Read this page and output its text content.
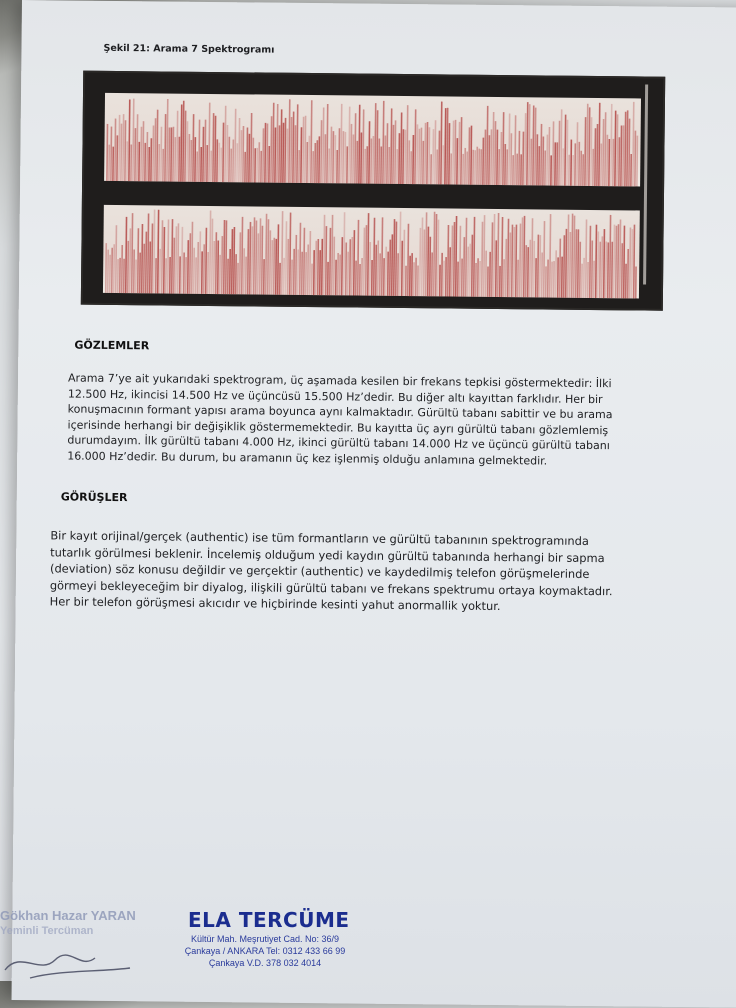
Şekil 21: Arama 7 Spektrogramı
GÖZLEMLER
Arama 7’ye ait yukarıdaki spektrogram, üç aşamada kesilen bir frekans tepkisi göstermektedir: İlki
12.500 Hz, ikincisi 14.500 Hz ve üçüncüsü 15.500 Hz’dedir. Bu diğer altı kayıttan farklıdır. Her bir
konuşmacının formant yapısı arama boyunca aynı kalmaktadır. Gürültü tabanı sabittir ve bu arama
içerisinde herhangi bir değişiklik göstermemektedir. Bu kayıtta üç ayrı gürültü tabanı gözlemlemiş
durumdayım. İlk gürültü tabanı 4.000 Hz, ikinci gürültü tabanı 14.000 Hz ve üçüncü gürültü tabanı
16.000 Hz’dedir. Bu durum, bu aramanın üç kez işlenmiş olduğu anlamına gelmektedir.
GÖRÜŞLER
Bir kayıt orijinal/gerçek (authentic) ise tüm formantların ve gürültü tabanının spektrogramında
tutarlık görülmesi beklenir. İncelemiş olduğum yedi kaydın gürültü tabanında herhangi bir sapma
(deviation) söz konusu değildir ve gerçektir (authentic) ve kaydedilmiş telefon görüşmelerinde
görmeyi bekleyeceğim bir diyalog, ilişkili gürültü tabanı ve frekans spektrumu ortaya koymaktadır.
Her bir telefon görüşmesi akıcıdır ve hiçbirinde kesinti yahut anormallik yoktur.
Gökhan Hazar YARAN
Yeminli Tercüman	ELA TERCÜME
Kültür Mah. Meşrutiyet Cad. No: 36/9
Çankaya / ANKARA Tel: 0312 433 66 99
Çankaya V.D. 378 032 4014
